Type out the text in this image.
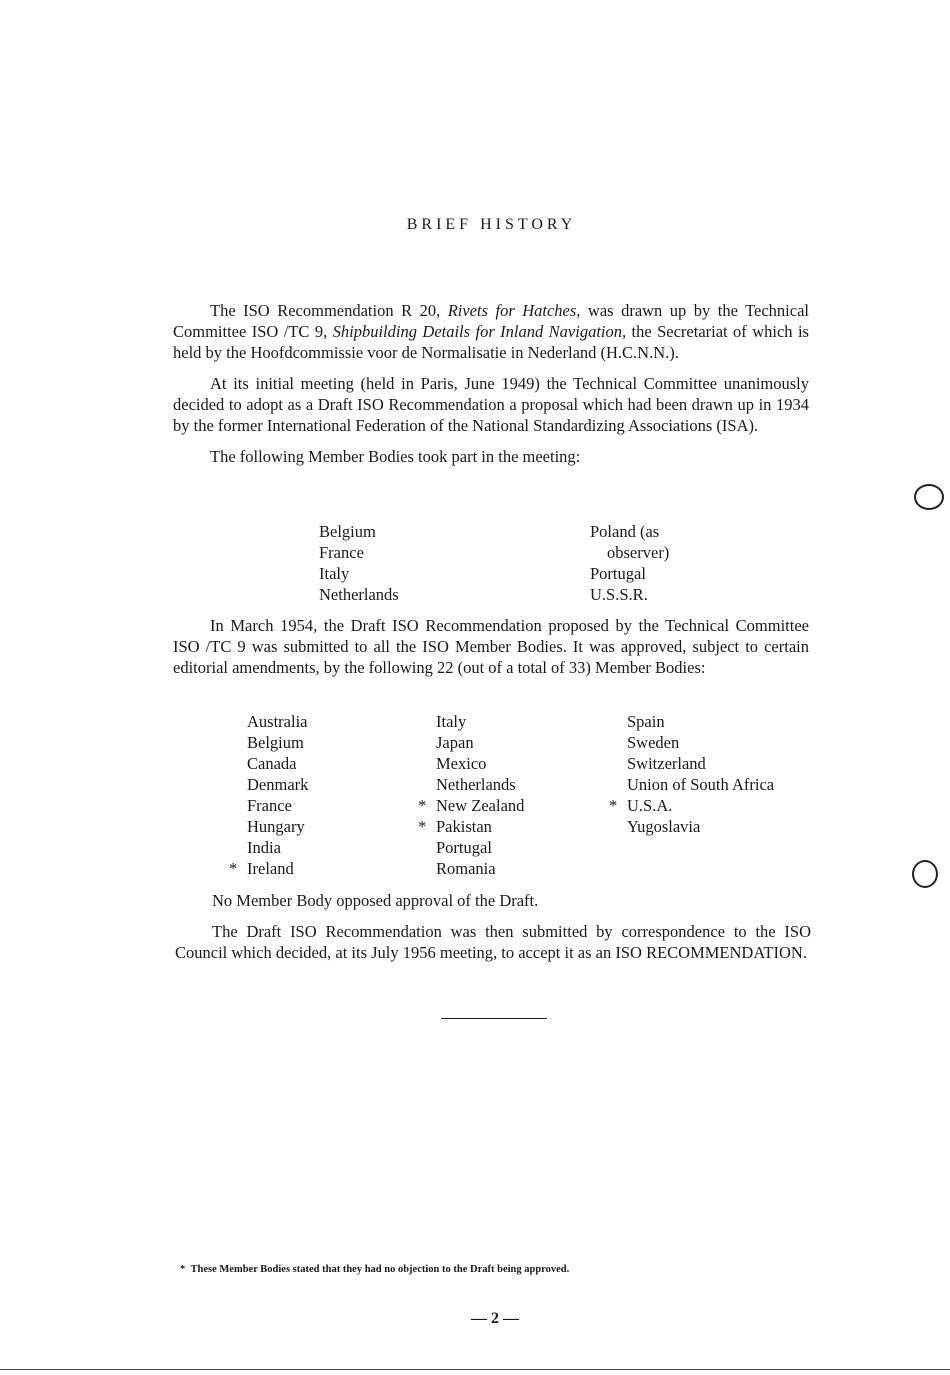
BRIEF HISTORY

The ISO Recommendation R 20, Rivets for Hatches, was drawn up by the Technical Committee ISO /TC 9, Shipbuilding Details for Inland Navigation, the Secretariat of which is held by the Hoofdcommissie voor de Normalisatie in Nederland (H.C.N.N.).

At its initial meeting (held in Paris, June 1949) the Technical Committee unanimously decided to adopt as a Draft ISO Recommendation a proposal which had been drawn up in 1934 by the former International Federation of the National Standardizing Associations (ISA).

The following Member Bodies took part in the meeting:

Belgium
France
Italy
Netherlands
Poland (as
observer)
Portugal
U.S.S.R.

In March 1954, the Draft ISO Recommendation proposed by the Technical Committee ISO /TC 9 was submitted to all the ISO Member Bodies. It was approved, subject to certain editorial amendments, by the following 22 (out of a total of 33) Member Bodies:

Australia
Belgium
Canada
Denmark
France
Hungary
India
* Ireland
Italy
Japan
Mexico
Netherlands
* New Zealand
* Pakistan
Portugal
Romania
Spain
Sweden
Switzerland
Union of South Africa
* U.S.A.
Yugoslavia

No Member Body opposed approval of the Draft.

The Draft ISO Recommendation was then submitted by correspondence to the ISO Council which decided, at its July 1956 meeting, to accept it as an ISO RECOMMENDATION.

* These Member Bodies stated that they had no objection to the Draft being approved.
— 2 —
